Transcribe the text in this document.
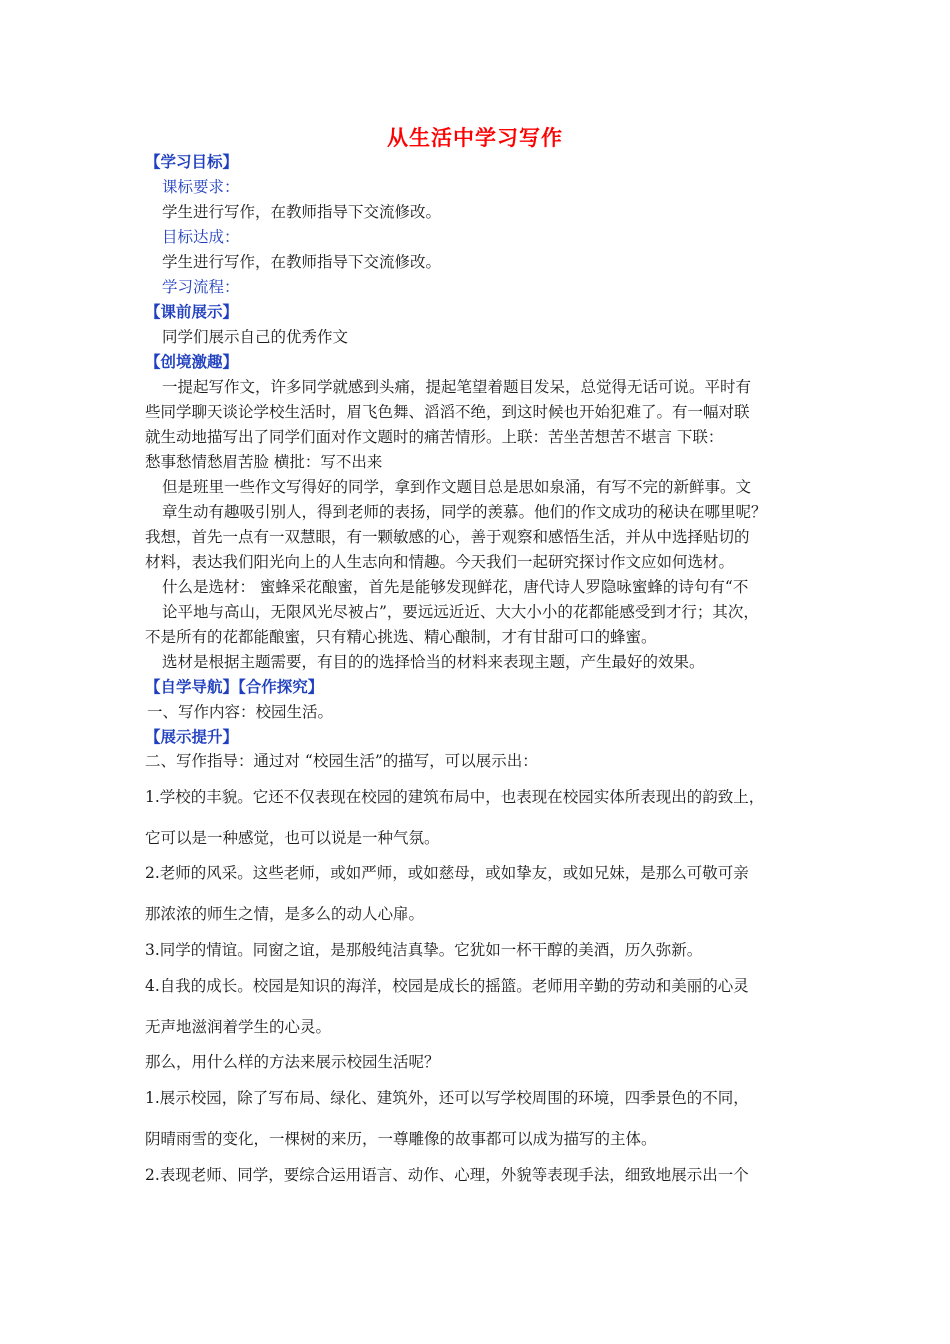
从生活中学习写作

【学习目标】

课标要求：

学生进行写作，在教师指导下交流修改。

目标达成：

学生进行写作，在教师指导下交流修改。

学习流程：

【课前展示】

同学们展示自己的优秀作文

【创境激趣】

一提起写作文，许多同学就感到头痛，提起笔望着题目发呆，总觉得无话可说。平时有

些同学聊天谈论学校生活时，眉飞色舞、滔滔不绝，到这时候也开始犯难了。有一幅对联

就生动地描写出了同学们面对作文题时的痛苦情形。上联：苦坐苦想苦不堪言 下联：

愁事愁情愁眉苦脸 横批：写不出来

但是班里一些作文写得好的同学，拿到作文题目总是思如泉涌，有写不完的新鲜事。文

章生动有趣吸引别人，得到老师的表扬，同学的羡慕。他们的作文成功的秘诀在哪里呢？

我想，首先一点有一双慧眼，有一颗敏感的心，善于观察和感悟生活，并从中选择贴切的

材料，表达我们阳光向上的人生志向和情趣。今天我们一起研究探讨作文应如何选材。

什么是选材： 蜜蜂采花酿蜜，首先是能够发现鲜花，唐代诗人罗隐咏蜜蜂的诗句有“不

论平地与高山，无限风光尽被占”，要远远近近、大大小小的花都能感受到才行；其次，

不是所有的花都能酿蜜，只有精心挑选、精心酿制，才有甘甜可口的蜂蜜。

选材是根据主题需要，有目的的选择恰当的材料来表现主题，产生最好的效果。

【自学导航】【合作探究】

一、写作内容：校园生活。

【展示提升】

二、写作指导：通过对 “校园生活”的描写，可以展示出：

1.学校的丰貌。它还不仅表现在校园的建筑布局中，也表现在校园实体所表现出的韵致上，

它可以是一种感觉，也可以说是一种气氛。

2.老师的风采。这些老师，或如严师，或如慈母，或如挚友，或如兄妹，是那么可敬可亲

那浓浓的师生之情，是多么的动人心扉。

3.同学的情谊。同窗之谊，是那般纯洁真挚。它犹如一杯干醇的美酒，历久弥新。

4.自我的成长。校园是知识的海洋，校园是成长的摇篮。老师用辛勤的劳动和美丽的心灵

无声地滋润着学生的心灵。

那么，用什么样的方法来展示校园生活呢？

1.展示校园，除了写布局、绿化、建筑外，还可以写学校周围的环境，四季景色的不同，

阴晴雨雪的变化，一棵树的来历，一尊雕像的故事都可以成为描写的主体。

2.表现老师、同学，要综合运用语言、动作、心理，外貌等表现手法，细致地展示出一个
